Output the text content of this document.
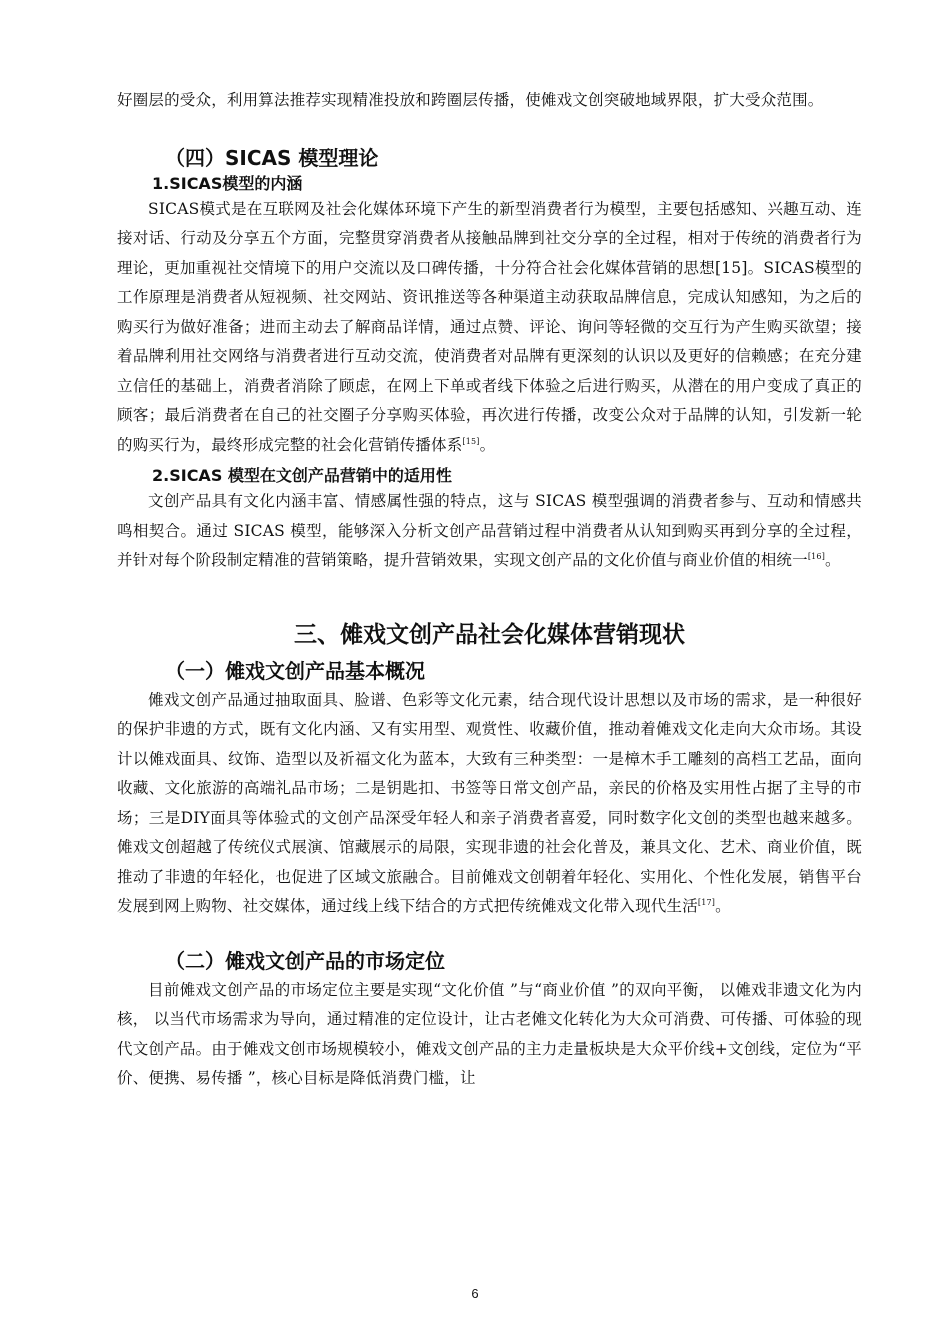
好圈层的受众，利用算法推荐实现精准投放和跨圈层传播，使傩戏文创突破地域界限，扩大受众范围。

（四）SICAS 模型理论
1.SICAS模型的内涵

SICAS模式是在互联网及社会化媒体环境下产生的新型消费者行为模型，主要包括感知、兴趣互动、连接对话、行动及分享五个方面，完整贯穿消费者从接触品牌到社交分享的全过程，相对于传统的消费者行为理论，更加重视社交情境下的用户交流以及口碑传播，十分符合社会化媒体营销的思想[15]。SICAS模型的工作原理是消费者从短视频、社交网站、资讯推送等各种渠道主动获取品牌信息，完成认知感知，为之后的购买行为做好准备；进而主动去了解商品详情，通过点赞、评论、询问等轻微的交互行为产生购买欲望；接着品牌利用社交网络与消费者进行互动交流，使消费者对品牌有更深刻的认识以及更好的信赖感；在充分建立信任的基础上，消费者消除了顾虑，在网上下单或者线下体验之后进行购买，从潜在的用户变成了真正的顾客；最后消费者在自己的社交圈子分享购买体验，再次进行传播，改变公众对于品牌的认知，引发新一轮的购买行为，最终形成完整的社会化营销传播体系[15]。

2.SICAS 模型在文创产品营销中的适用性

文创产品具有文化内涵丰富、情感属性强的特点，这与 SICAS 模型强调的消费者参与、互动和情感共鸣相契合。通过 SICAS 模型，能够深入分析文创产品营销过程中消费者从认知到购买再到分享的全过程，并针对每个阶段制定精准的营销策略，提升营销效果，实现文创产品的文化价值与商业价值的相统一[16]。

三、傩戏文创产品社会化媒体营销现状
（一）傩戏文创产品基本概况

傩戏文创产品通过抽取面具、脸谱、色彩等文化元素，结合现代设计思想以及市场的需求，是一种很好的保护非遗的方式，既有文化内涵、又有实用型、观赏性、收藏价值，推动着傩戏文化走向大众市场。其设计以傩戏面具、纹饰、造型以及祈福文化为蓝本，大致有三种类型：一是樟木手工雕刻的高档工艺品，面向收藏、文化旅游的高端礼品市场；二是钥匙扣、书签等日常文创产品，亲民的价格及实用性占据了主导的市场；三是DIY面具等体验式的文创产品深受年轻人和亲子消费者喜爱，同时数字化文创的类型也越来越多。傩戏文创超越了传统仪式展演、馆藏展示的局限，实现非遗的社会化普及，兼具文化、艺术、商业价值，既推动了非遗的年轻化，也促进了区域文旅融合。目前傩戏文创朝着年轻化、实用化、个性化发展，销售平台发展到网上购物、社交媒体，通过线上线下结合的方式把传统傩戏文化带入现代生活[17]。

（二）傩戏文创产品的市场定位

目前傩戏文创产品的市场定位主要是实现“文化价值 ”与“商业价值 ”的双向平衡， 以傩戏非遗文化为内核， 以当代市场需求为导向，通过精准的定位设计，让古老傩文化转化为大众可消费、可传播、可体验的现代文创产品。由于傩戏文创市场规模较小，傩戏文创产品的主力走量板块是大众平价线+文创线，定位为“平价、便携、易传播 ”，核心目标是降低消费门槛，让

6
